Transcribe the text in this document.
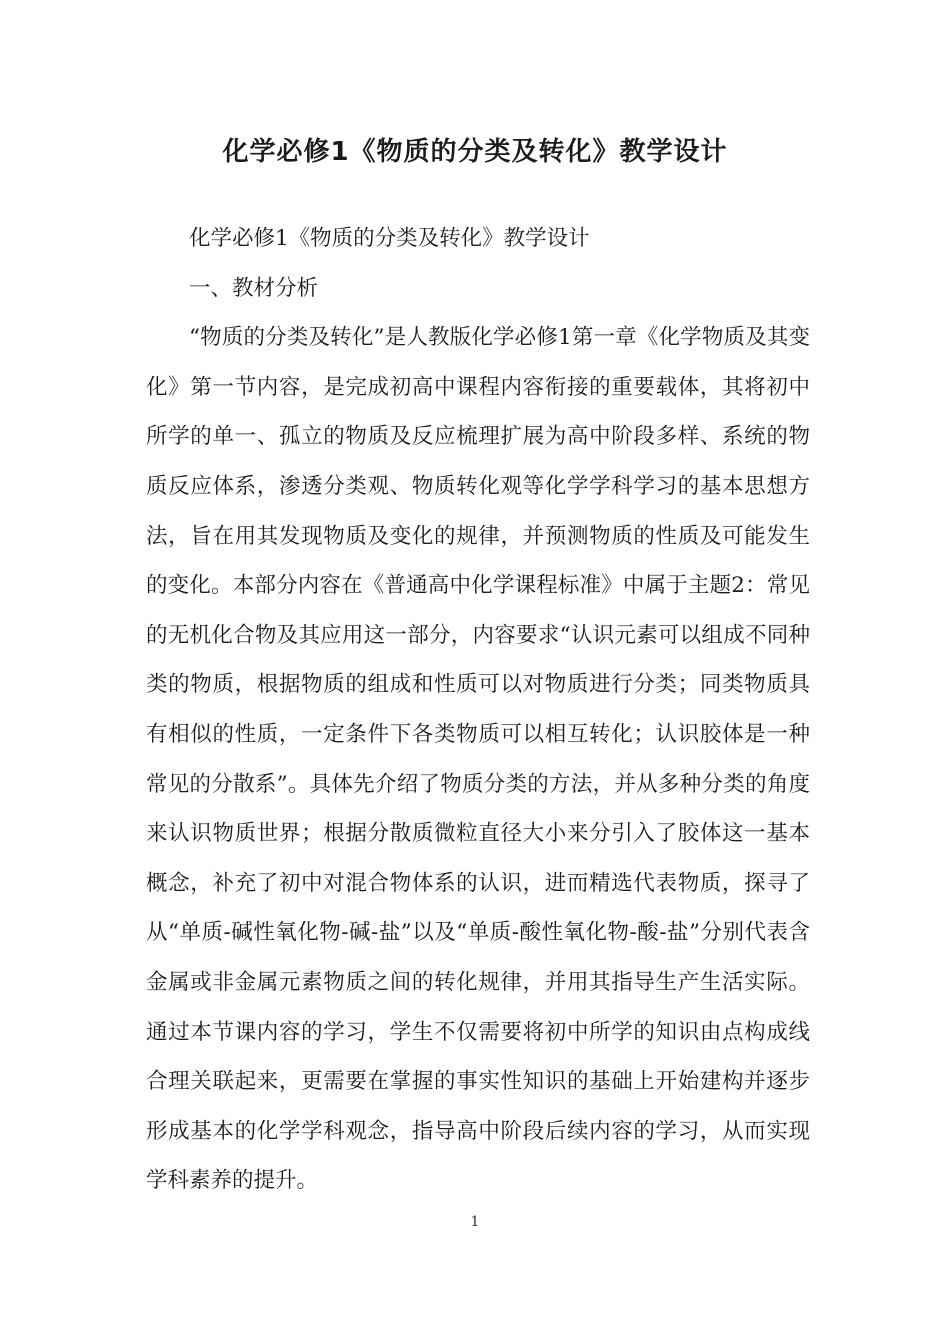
化学必修1《物质的分类及转化》教学设计

化学必修1《物质的分类及转化》教学设计

一、教材分析

“物质的分类及转化”是人教版化学必修1第一章《化学物质及其变化》第一节内容，是完成初高中课程内容衔接的重要载体，其将初中所学的单一、孤立的物质及反应梳理扩展为高中阶段多样、系统的物质反应体系，渗透分类观、物质转化观等化学学科学习的基本思想方法，旨在用其发现物质及变化的规律，并预测物质的性质及可能发生的变化。本部分内容在《普通高中化学课程标准》中属于主题2：常见的无机化合物及其应用这一部分，内容要求“认识元素可以组成不同种类的物质，根据物质的组成和性质可以对物质进行分类；同类物质具有相似的性质，一定条件下各类物质可以相互转化；认识胶体是一种常见的分散系”。具体先介绍了物质分类的方法，并从多种分类的角度来认识物质世界；根据分散质微粒直径大小来分引入了胶体这一基本概念，补充了初中对混合物体系的认识，进而精选代表物质，探寻了从“单质-碱性氧化物-碱-盐”以及“单质-酸性氧化物-酸-盐”分别代表含金属或非金属元素物质之间的转化规律，并用其指导生产生活实际。通过本节课内容的学习，学生不仅需要将初中所学的知识由点构成线合理关联起来，更需要在掌握的事实性知识的基础上开始建构并逐步形成基本的化学学科观念，指导高中阶段后续内容的学习，从而实现学科素养的提升。

1
